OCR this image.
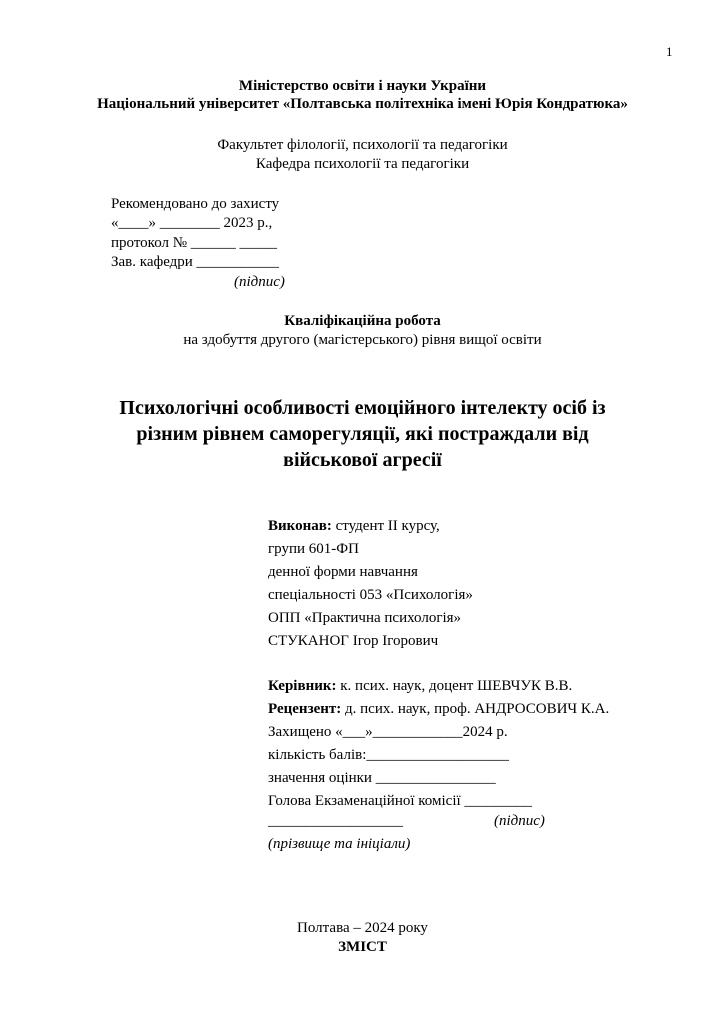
1
Міністерство освіти і науки України
Національний університет «Полтавська політехніка імені Юрія Кондратюка»
Факультет філології, психології та педагогіки
Кафедра психології та педагогіки
Рекомендовано до захисту
«____» ________ 2023 р.,
протокол № ______ _____
Зав. кафедри ___________
(підпис)
Кваліфікаційна робота
на здобуття другого (магістерського) рівня вищої освіти
Психологічні особливості емоційного інтелекту осіб із
різним рівнем саморегуляції, які постраждали від
військової агресії
Виконав: студент ІІ курсу,
групи 601-ФП
денної форми навчання
спеціальності 053 «Психологія»
ОПП «Практична психологія»
СТУКАНОГ Ігор Ігорович
Керівник: к. псих. наук, доцент ШЕВЧУК В.В.
Рецензент: д. псих. наук, проф. АНДРОСОВИЧ К.А.
Захищено «___»____________2024 р.
кількість балів:___________________
значення оцінки ________________
Голова Екзаменаційної комісії _________
__________________	(підпис)
(прізвище та ініціали)
Полтава – 2024 року
ЗМІСТ
